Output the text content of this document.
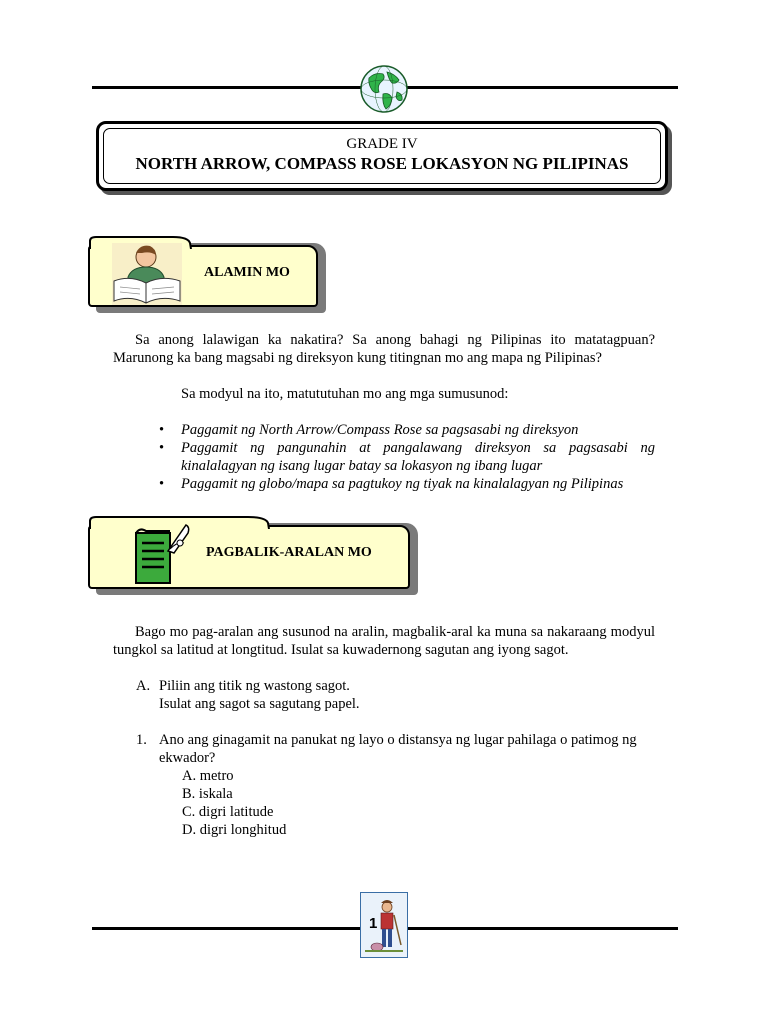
GRADE IV
NORTH ARROW, COMPASS ROSE LOKASYON NG PILIPINAS
ALAMIN MO

Sa anong lalawigan ka nakatira? Sa anong bahagi ng Pilipinas ito matatagpuan? Marunong ka bang magsabi ng direksyon kung titingnan mo ang mapa ng Pilipinas?

Sa modyul na ito, matututuhan mo ang mga sumusunod:
• Paggamit ng North Arrow/Compass Rose sa pagsasabi ng direksyon
• Paggamit ng pangunahin at pangalawang direksyon sa pagsasabi ng kinalalagyan ng isang lugar batay sa lokasyon ng ibang lugar
• Paggamit ng globo/mapa sa pagtukoy ng tiyak na kinalalagyan ng Pilipinas
PAGBALIK-ARALAN MO

Bago mo pag-aralan ang susunod na aralin, magbalik-aral ka muna sa nakaraang modyul tungkol sa latitud at longtitud. Isulat sa kuwadernong sagutan ang iyong sagot.

A. Piliin ang titik ng wastong sagot.
Isulat ang sagot sa sagutang papel.
1. Ano ang ginagamit na panukat ng layo o distansya ng lugar pahilaga o patimog ng ekwador?
A. metro
B. iskala
C. digri latitude
D. digri longhitud
1
